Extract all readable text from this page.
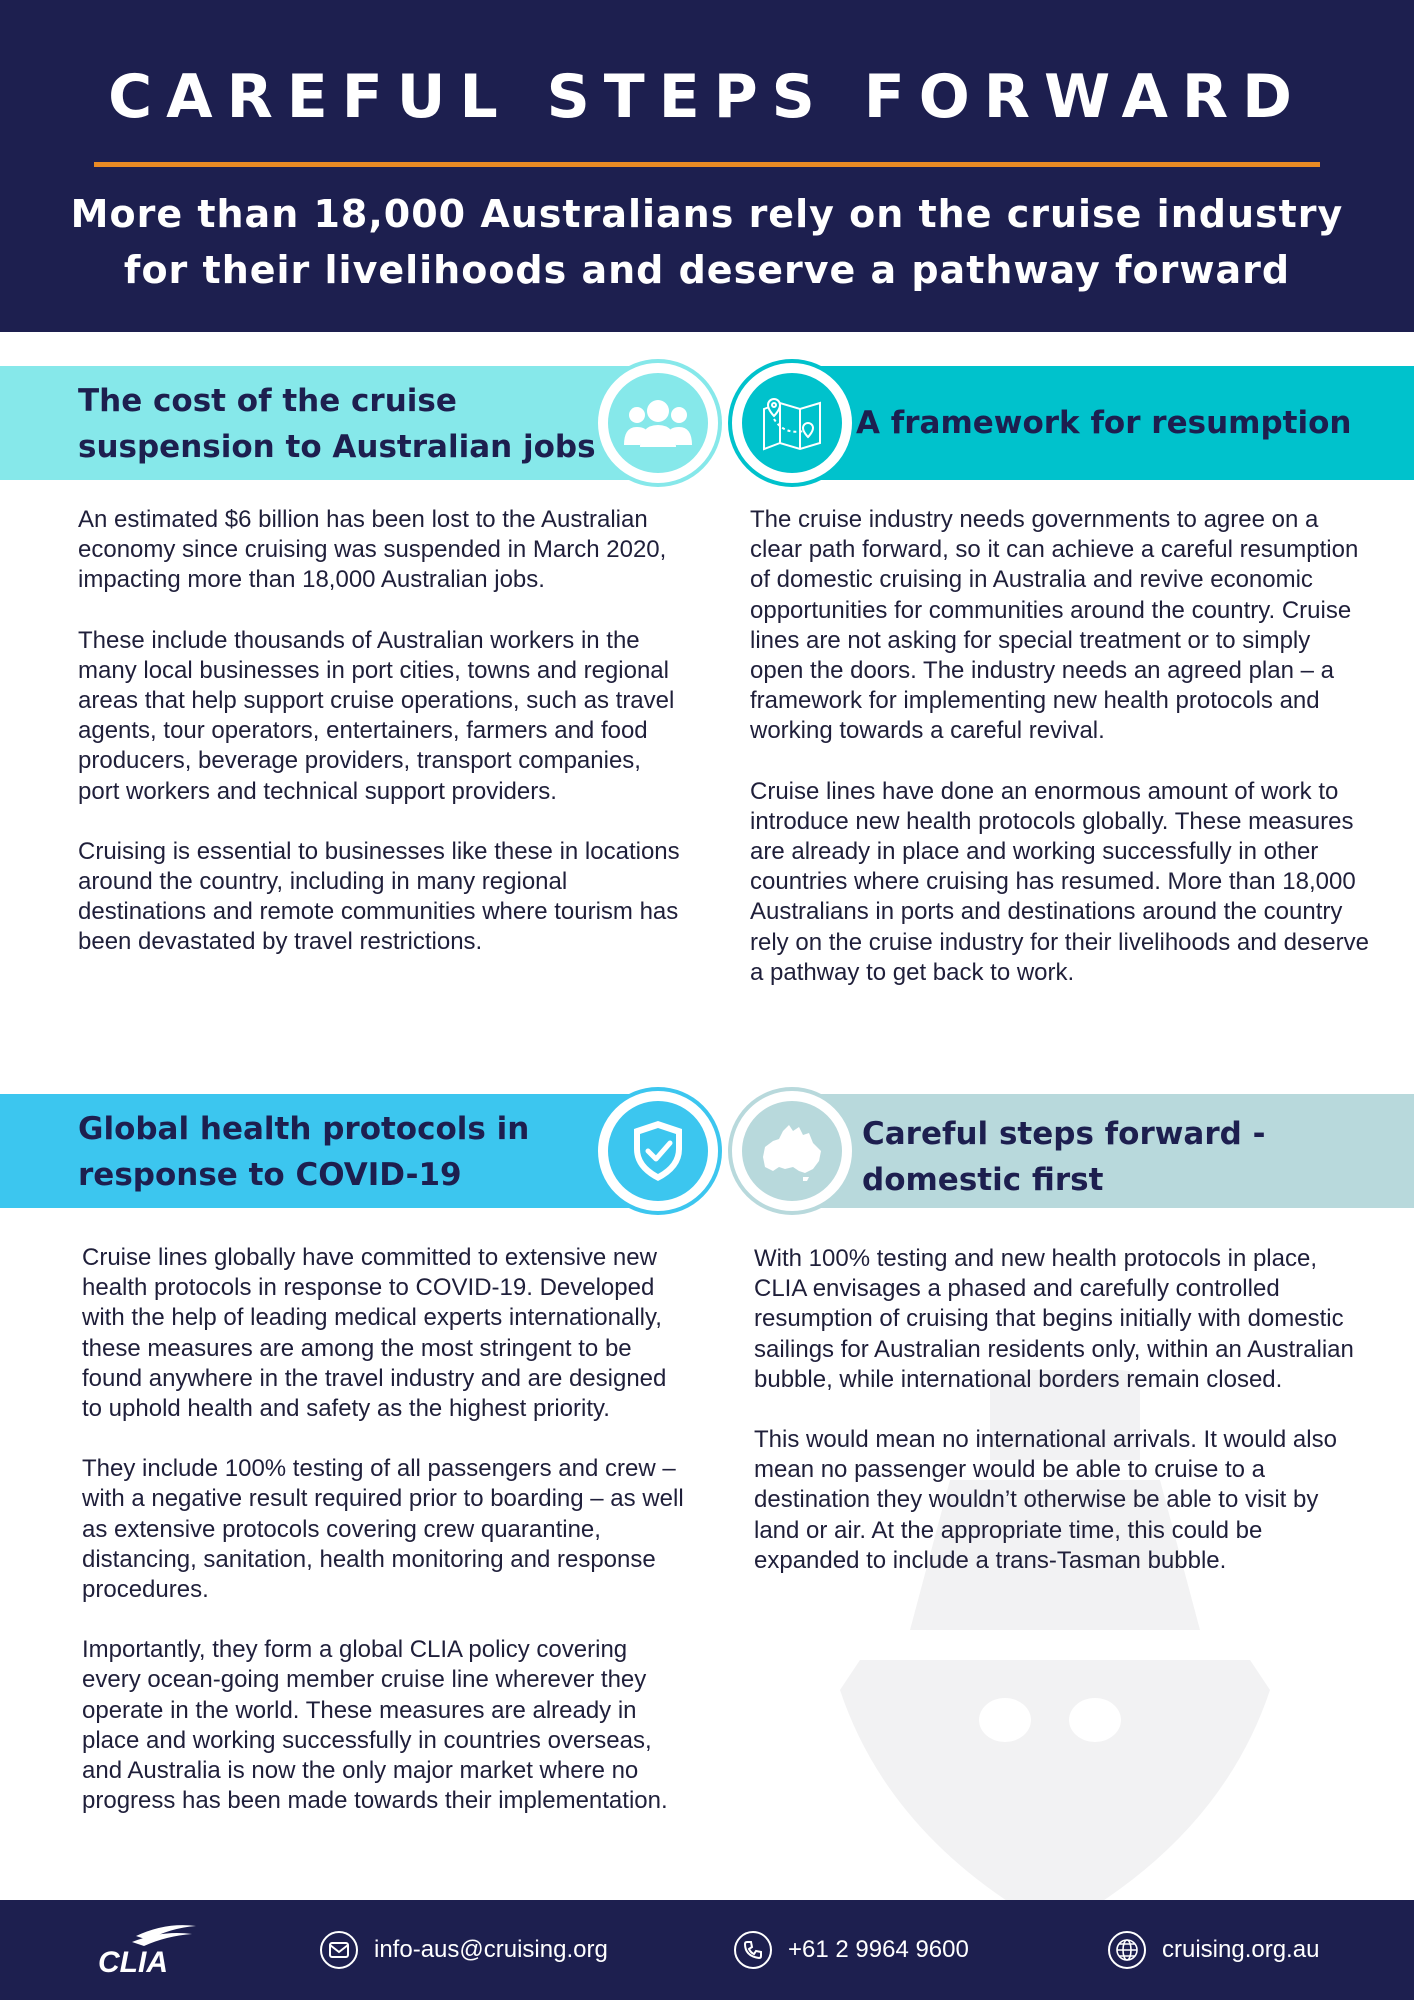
CAREFUL STEPS FORWARD
More than 18,000 Australians rely on the cruise industry
for their livelihoods and deserve a pathway forward
The cost of the cruise
suspension to Australian jobs

An estimated $6 billion has been lost to the Australian economy since cruising was suspended in March 2020, impacting more than 18,000 Australian jobs.

These include thousands of Australian workers in the many local businesses in port cities, towns and regional areas that help support cruise operations, such as travel agents, tour operators, entertainers, farmers and food producers, beverage providers, transport companies, port workers and technical support providers.

Cruising is essential to businesses like these in locations around the country, including in many regional destinations and remote communities where tourism has been devastated by travel restrictions.

A framework for resumption

The cruise industry needs governments to agree on a clear path forward, so it can achieve a careful resumption of domestic cruising in Australia and revive economic opportunities for communities around the country. Cruise lines are not asking for special treatment or to simply open the doors. The industry needs an agreed plan – a framework for implementing new health protocols and working towards a careful revival.

Cruise lines have done an enormous amount of work to introduce new health protocols globally. These measures are already in place and working successfully in other countries where cruising has resumed. More than 18,000 Australians in ports and destinations around the country rely on the cruise industry for their livelihoods and deserve a pathway to get back to work.

Global health protocols in
response to COVID-19

Cruise lines globally have committed to extensive new health protocols in response to COVID-19. Developed with the help of leading medical experts internationally, these measures are among the most stringent to be found anywhere in the travel industry and are designed to uphold health and safety as the highest priority.

They include 100% testing of all passengers and crew – with a negative result required prior to boarding – as well as extensive protocols covering crew quarantine, distancing, sanitation, health monitoring and response procedures.

Importantly, they form a global CLIA policy covering every ocean-going member cruise line wherever they operate in the world. These measures are already in place and working successfully in countries overseas, and Australia is now the only major market where no progress has been made towards their implementation.

Careful steps forward -
domestic first

With 100% testing and new health protocols in place, CLIA envisages a phased and carefully controlled resumption of cruising that begins initially with domestic sailings for Australian residents only, within an Australian bubble, while international borders remain closed.

This would mean no international arrivals. It would also mean no passenger would be able to cruise to a destination they wouldn’t otherwise be able to visit by land or air. At the appropriate time, this could be expanded to include a trans-Tasman bubble.

CLIA	info-aus@cruising.org	+61 2 9964 9600	cruising.org.au
